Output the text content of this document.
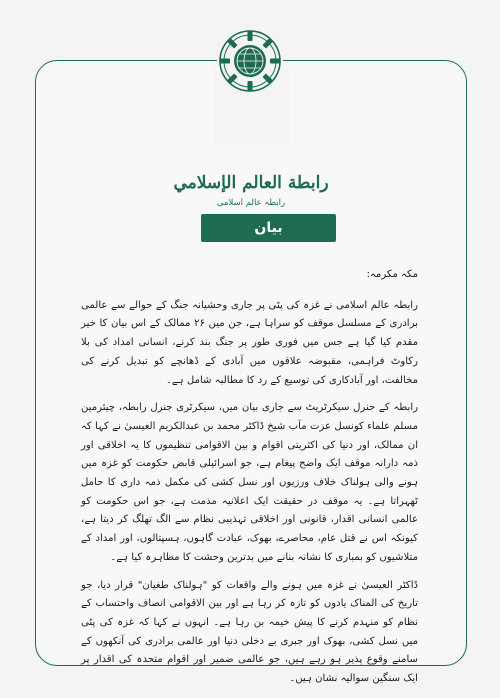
رابطة العالم الإسلامي
رابطہ عالم اسلامی
بیان

مکہ مکرمہ:

رابطہ عالم اسلامی نے غزہ کی پٹی پر جاری وحشیانہ جنگ کے حوالے سے عالمی برادری کے مسلسل موقف کو سراہا ہے، جن میں ۲۶ ممالک کے اس بیان کا خیر مقدم کیا گیا ہے جس میں فوری طور پر جنگ بند کرنے، انسانی امداد کی بلا رکاوٹ فراہمی، مقبوضہ علاقوں میں آبادی کے ڈھانچے کو تبدیل کرنے کی مخالفت، اور آبادکاری کی توسیع کے رد کا مطالبہ شامل ہے۔

رابطہ کے جنرل سیکرٹریٹ سے جاری بیان میں، سیکرٹری جنرل رابطہ، چیئرمین مسلم علماء کونسل عزت مآب شیخ ڈاکٹر محمد بن عبدالکریم العیسیٰ نے کہا کہ ان ممالک، اور دنیا کی اکثریتی اقوام و بین الاقوامی تنظیموں کا یہ اخلاقی اور ذمہ دارانہ موقف ایک واضح پیغام ہے، جو اسرائیلی قابض حکومت کو غزہ میں ہونے والی ہولناک خلاف ورزیوں اور نسل کشی کی مکمل ذمہ داری کا حامل ٹھہراتا ہے۔ یہ موقف در حقیقت ایک اعلانیہ مذمت ہے، جو اس حکومت کو عالمی انسانی اقدار، قانونی اور اخلاقی تہذیبی نظام سے الگ تھلگ کر دیتا ہے، کیونکہ اس نے قتل عام، محاصرے، بھوک، عبادت گاہوں، ہسپتالوں، اور امداد کے متلاشیوں کو بمباری کا نشانہ بنانے میں بدترین وحشت کا مظاہرہ کیا ہے۔

ڈاکٹر العیسیٰ نے غزہ میں ہونے والے واقعات کو "ہولناک طغیان" قرار دیا، جو تاریخ کی المناک یادوں کو تازہ کر رہا ہے اور بین الاقوامی انصاف واحتساب کے نظام کو منہدم کرنے کا پیش خیمہ بن رہا ہے۔ انہوں نے کہا کہ غزہ کی پٹی میں نسل کشی، بھوک اور جبری بے دخلی دنیا اور عالمی برادری کی آنکھوں کے سامنے وقوع پذیر ہو رہے ہیں، جو عالمی ضمیر اور اقوام متحدہ کی اقدار پر ایک سنگین سوالیہ نشان ہیں۔
